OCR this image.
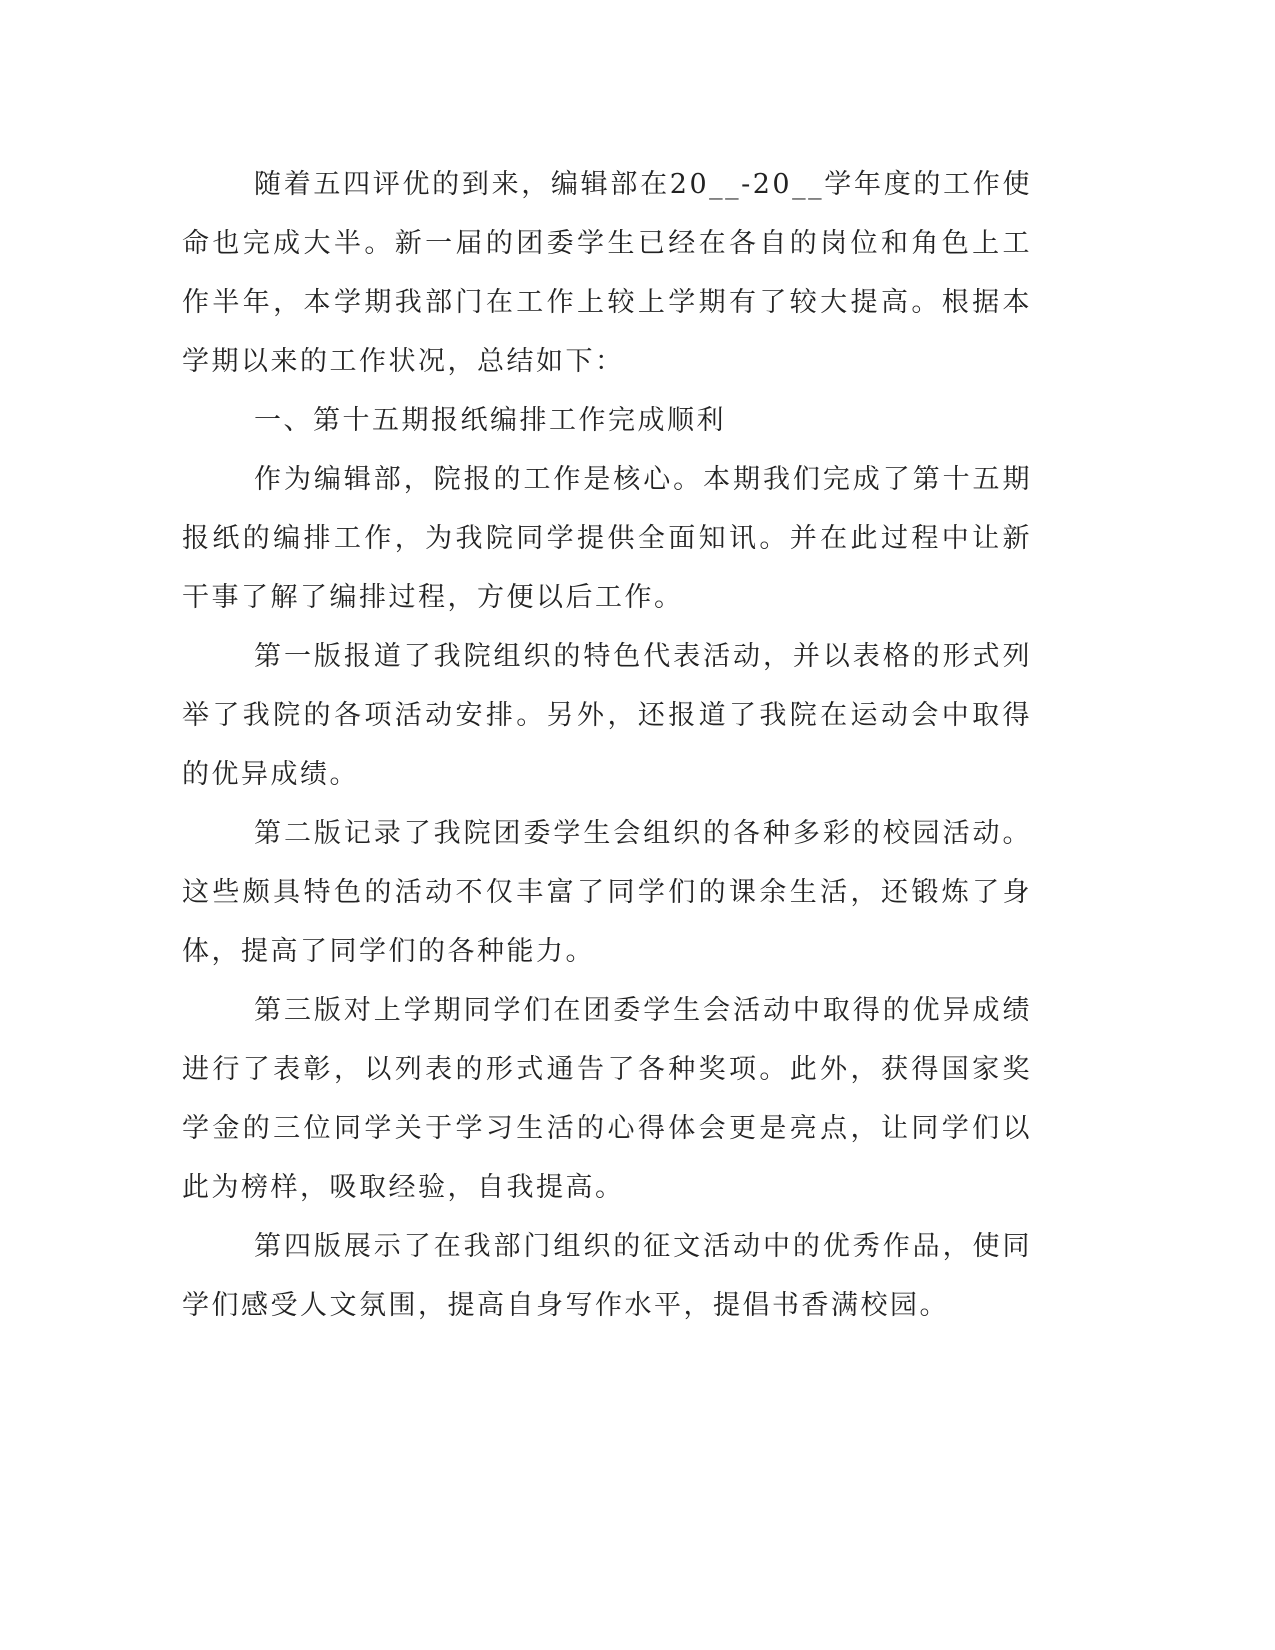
随着五四评优的到来，编辑部在20__-20__学年度的工作使命也完成大半。新一届的团委学生已经在各自的岗位和角色上工作半年，本学期我部门在工作上较上学期有了较大提高。根据本学期以来的工作状况，总结如下：

一、第十五期报纸编排工作完成顺利

作为编辑部，院报的工作是核心。本期我们完成了第十五期报纸的编排工作，为我院同学提供全面知讯。并在此过程中让新干事了解了编排过程，方便以后工作。

第一版报道了我院组织的特色代表活动，并以表格的形式列举了我院的各项活动安排。另外，还报道了我院在运动会中取得的优异成绩。

第二版记录了我院团委学生会组织的各种多彩的校园活动。这些颇具特色的活动不仅丰富了同学们的课余生活，还锻炼了身体，提高了同学们的各种能力。

第三版对上学期同学们在团委学生会活动中取得的优异成绩进行了表彰，以列表的形式通告了各种奖项。此外，获得国家奖学金的三位同学关于学习生活的心得体会更是亮点，让同学们以此为榜样，吸取经验，自我提高。

第四版展示了在我部门组织的征文活动中的优秀作品，使同学们感受人文氛围，提高自身写作水平，提倡书香满校园。
